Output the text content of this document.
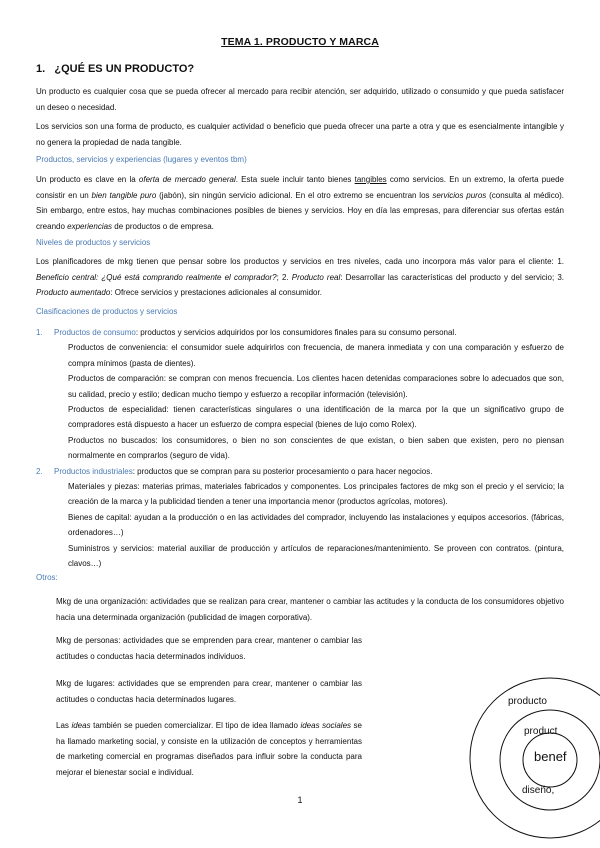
TEMA 1. PRODUCTO Y MARCA
1. ¿QUÉ ES UN PRODUCTO?
Un producto es cualquier cosa que se pueda ofrecer al mercado para recibir atención, ser adquirido, utilizado o consumido y que pueda satisfacer un deseo o necesidad.
Los servicios son una forma de producto, es cualquier actividad o beneficio que pueda ofrecer una parte a otra y que es esencialmente intangible y no genera la propiedad de nada tangible.
Productos, servicios y experiencias (lugares y eventos tbm)
Un producto es clave en la oferta de mercado general. Esta suele incluir tanto bienes tangibles como servicios. En un extremo, la oferta puede consistir en un bien tangible puro (jabón), sin ningún servicio adicional. En el otro extremo se encuentran los servicios puros (consulta al médico). Sin embargo, entre estos, hay muchas combinaciones posibles de bienes y servicios. Hoy en día las empresas, para diferenciar sus ofertas están creando experiencias de productos o de empresa.
Niveles de productos y servicios
Los planificadores de mkg tienen que pensar sobre los productos y servicios en tres niveles, cada uno incorpora más valor para el cliente: 1. Beneficio central: ¿Qué está comprando realmente el comprador?; 2. Producto real: Desarrollar las características del producto y del servicio; 3. Producto aumentado: Ofrece servicios y prestaciones adicionales al consumidor.
Clasificaciones de productos y servicios
1. Productos de consumo: productos y servicios adquiridos por los consumidores finales para su consumo personal.
Productos de conveniencia: el consumidor suele adquirirlos con frecuencia, de manera inmediata y con una comparación y esfuerzo de compra mínimos (pasta de dientes).
Productos de comparación: se compran con menos frecuencia. Los clientes hacen detenidas comparaciones sobre lo adecuados que son, su calidad, precio y estilo; dedican mucho tiempo y esfuerzo a recopilar información (televisión).
Productos de especialidad: tienen características singulares o una identificación de la marca por la que un significativo grupo de compradores está dispuesto a hacer un esfuerzo de compra especial (bienes de lujo como Rolex).
Productos no buscados: los consumidores, o bien no son conscientes de que existan, o bien saben que existen, pero no piensan normalmente en comprarlos (seguro de vida).
2. Productos industriales: productos que se compran para su posterior procesamiento o para hacer negocios.
Materiales y piezas: materias primas, materiales fabricados y componentes. Los principales factores de mkg son el precio y el servicio; la creación de la marca y la publicidad tienden a tener una importancia menor (productos agrícolas, motores).
Bienes de capital: ayudan a la producción o en las actividades del comprador, incluyendo las instalaciones y equipos accesorios. (fábricas, ordenadores…)
Suministros y servicios: material auxiliar de producción y artículos de reparaciones/mantenimiento. Se proveen con contratos. (pintura, clavos…)
Otros:
Mkg de una organización: actividades que se realizan para crear, mantener o cambiar las actitudes y la conducta de los consumidores objetivo hacia una determinada organización (publicidad de imagen corporativa).
Mkg de personas: actividades que se emprenden para crear, mantener o cambiar las actitudes o conductas hacia determinados individuos.
Mkg de lugares: actividades que se emprenden para crear, mantener o cambiar las actitudes o conductas hacia determinados lugares.
Las ideas también se pueden comercializar. El tipo de idea llamado ideas sociales se ha llamado marketing social, y consiste en la utilización de conceptos y herramientas de marketing comercial en programas diseñados para influir sobre la conducta para mejorar el bienestar social e individual.
producto
product
benef
diseño,
1
